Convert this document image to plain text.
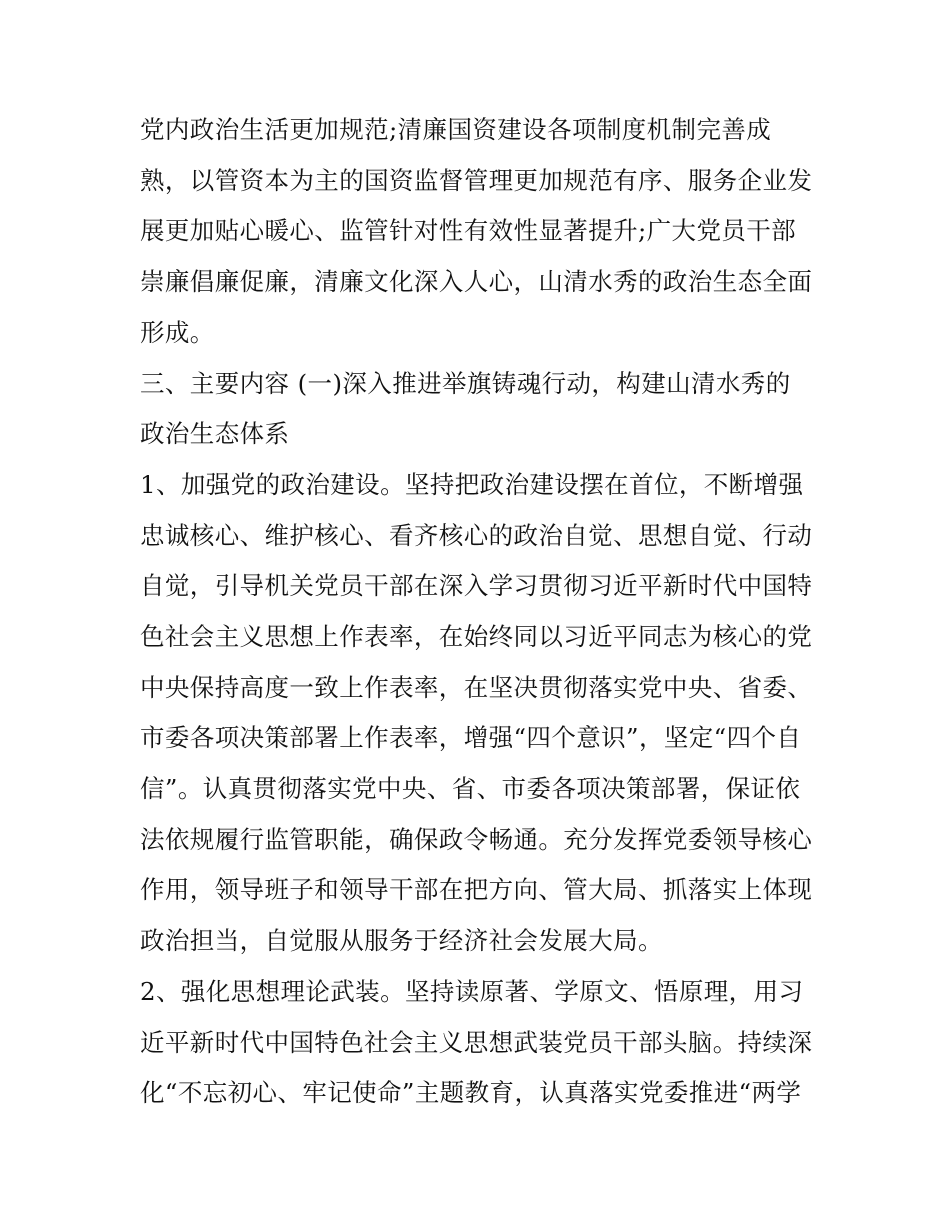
党内政治生活更加规范;清廉国资建设各项制度机制完善成
熟，以管资本为主的国资监督管理更加规范有序、服务企业发
展更加贴心暖心、监管针对性有效性显著提升;广大党员干部
崇廉倡廉促廉，清廉文化深入人心，山清水秀的政治生态全面
形成。
三、主要内容 (一)深入推进举旗铸魂行动，构建山清水秀的
政治生态体系
1、加强党的政治建设。坚持把政治建设摆在首位，不断增强
忠诚核心、维护核心、看齐核心的政治自觉、思想自觉、行动
自觉，引导机关党员干部在深入学习贯彻习近平新时代中国特
色社会主义思想上作表率，在始终同以习近平同志为核心的党
中央保持高度一致上作表率，在坚决贯彻落实党中央、省委、
市委各项决策部署上作表率，增强“四个意识”，坚定“四个自
信”。认真贯彻落实党中央、省、市委各项决策部署，保证依
法依规履行监管职能，确保政令畅通。充分发挥党委领导核心
作用，领导班子和领导干部在把方向、管大局、抓落实上体现
政治担当，自觉服从服务于经济社会发展大局。
2、强化思想理论武装。坚持读原著、学原文、悟原理，用习
近平新时代中国特色社会主义思想武装党员干部头脑。持续深
化“不忘初心、牢记使命”主题教育，认真落实党委推进“两学
